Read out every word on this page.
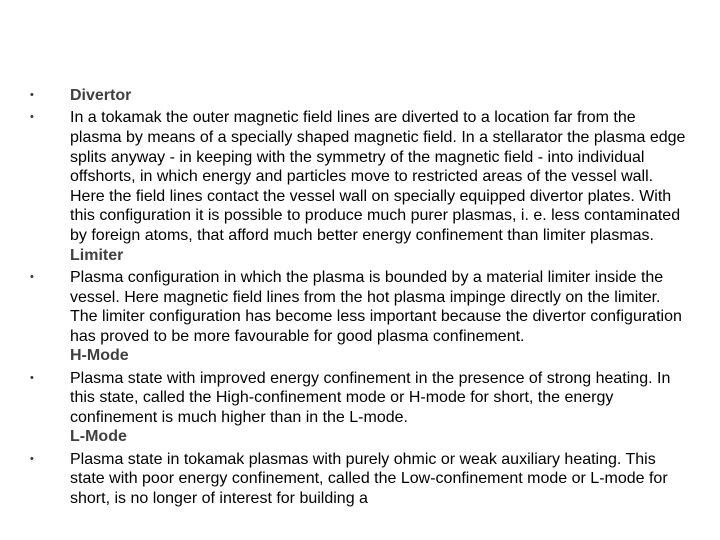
• Divertor
• In a tokamak the outer magnetic field lines are diverted to a location far from the plasma by means of a specially shaped magnetic field. In a stellarator the plasma edge splits anyway - in keeping with the symmetry of the magnetic field - into individual offshorts, in which energy and particles move to restricted areas of the vessel wall. Here the field lines contact the vessel wall on specially equipped divertor plates. With this configuration it is possible to produce much purer plasmas, i. e. less contaminated by foreign atoms, that afford much better energy confinement than limiter plasmas.
Limiter
• Plasma configuration in which the plasma is bounded by a material limiter inside the vessel. Here magnetic field lines from the hot plasma impinge directly on the limiter. The limiter configuration has become less important because the divertor configuration has proved to be more favourable for good plasma confinement.
H-Mode
• Plasma state with improved energy confinement in the presence of strong heating. In this state, called the High-confinement mode or H-mode for short, the energy confinement is much higher than in the L-mode.
L-Mode
• Plasma state in tokamak plasmas with purely ohmic or weak auxiliary heating. This state with poor energy confinement, called the Low-confinement mode or L-mode for short, is no longer of interest for building a
